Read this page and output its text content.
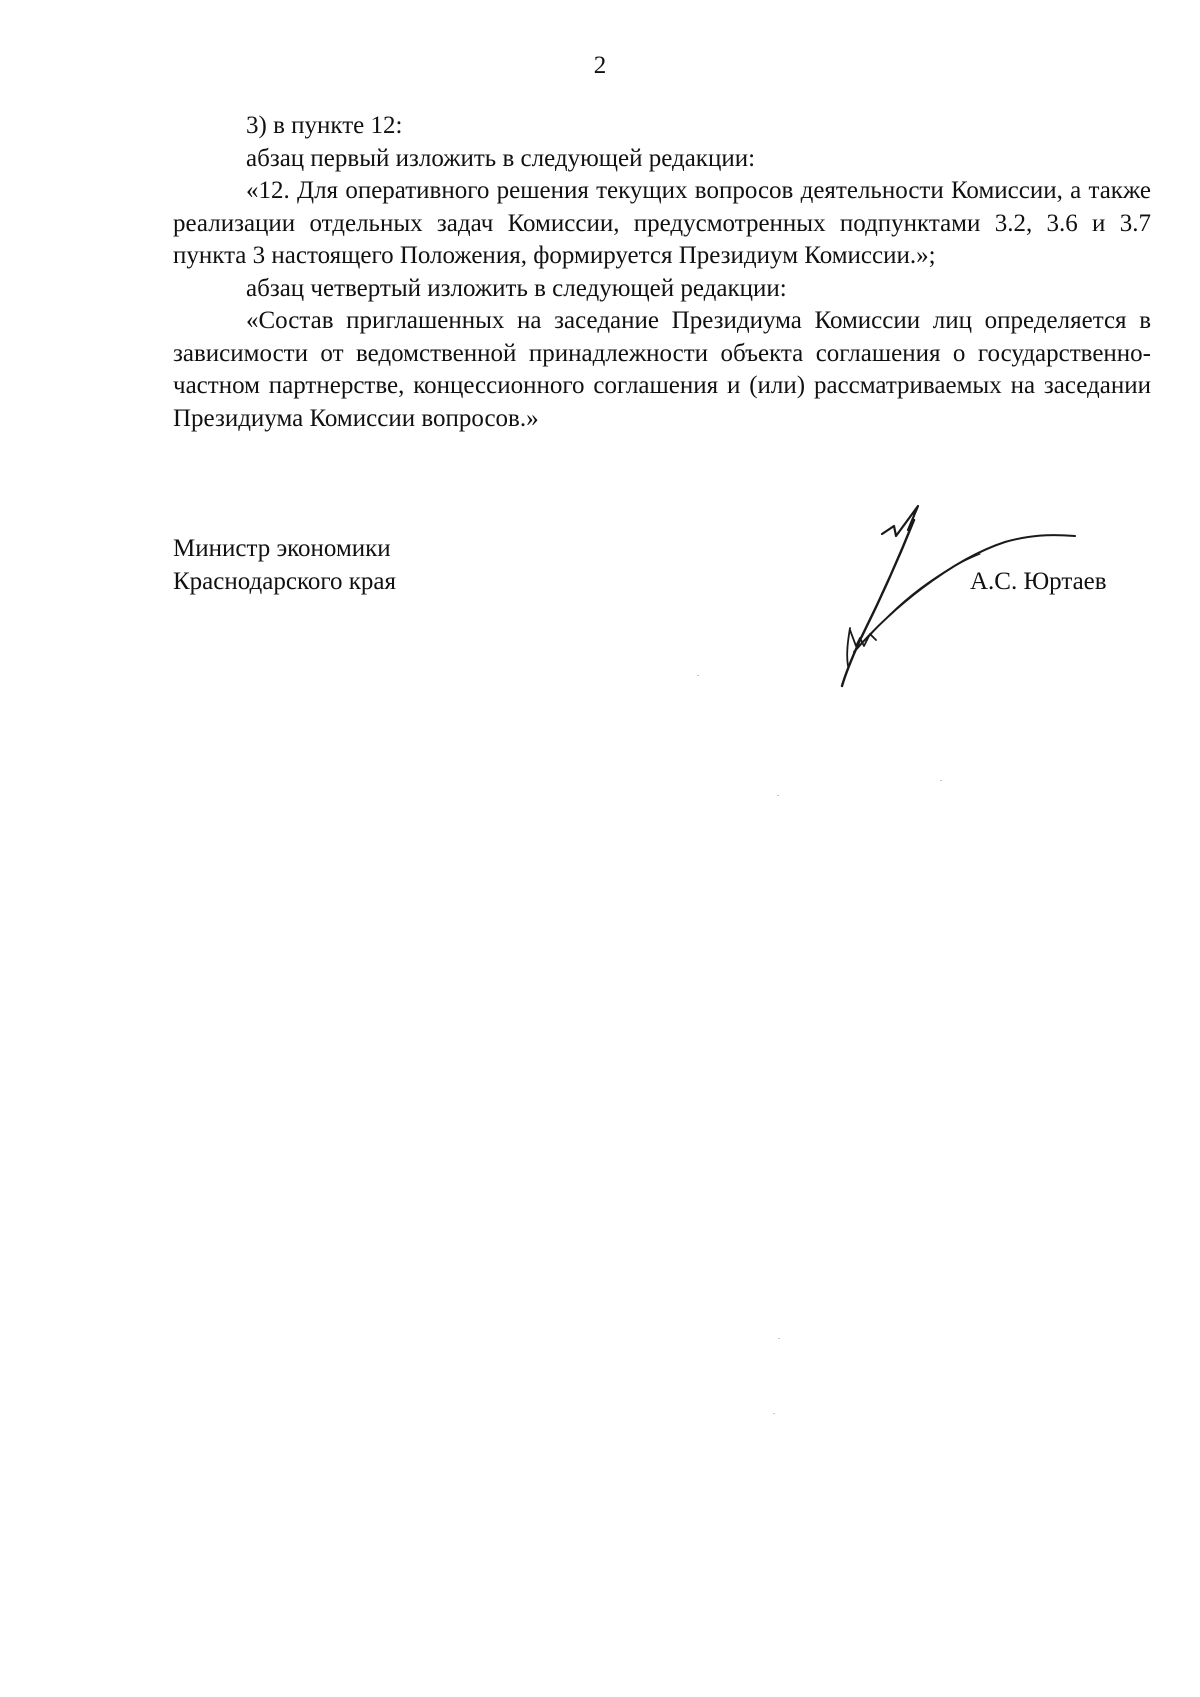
2

3) в пункте 12:

абзац первый изложить в следующей редакции:

«12. Для оперативного решения текущих вопросов деятельности Комиссии, а также реализации отдельных задач Комиссии, предусмотренных подпунктами 3.2, 3.6 и 3.7 пункта 3 настоящего Положения, формируется Президиум Комиссии.»;

абзац четвертый изложить в следующей редакции:

«Состав приглашенных на заседание Президиума Комиссии лиц определяется в зависимости от ведомственной принадлежности объекта соглашения о государственно-частном партнерстве, концессионного соглашения и (или) рассматриваемых на заседании Президиума Комиссии вопросов.»

Министр экономики

Краснодарского края	А.С. Юртаев
